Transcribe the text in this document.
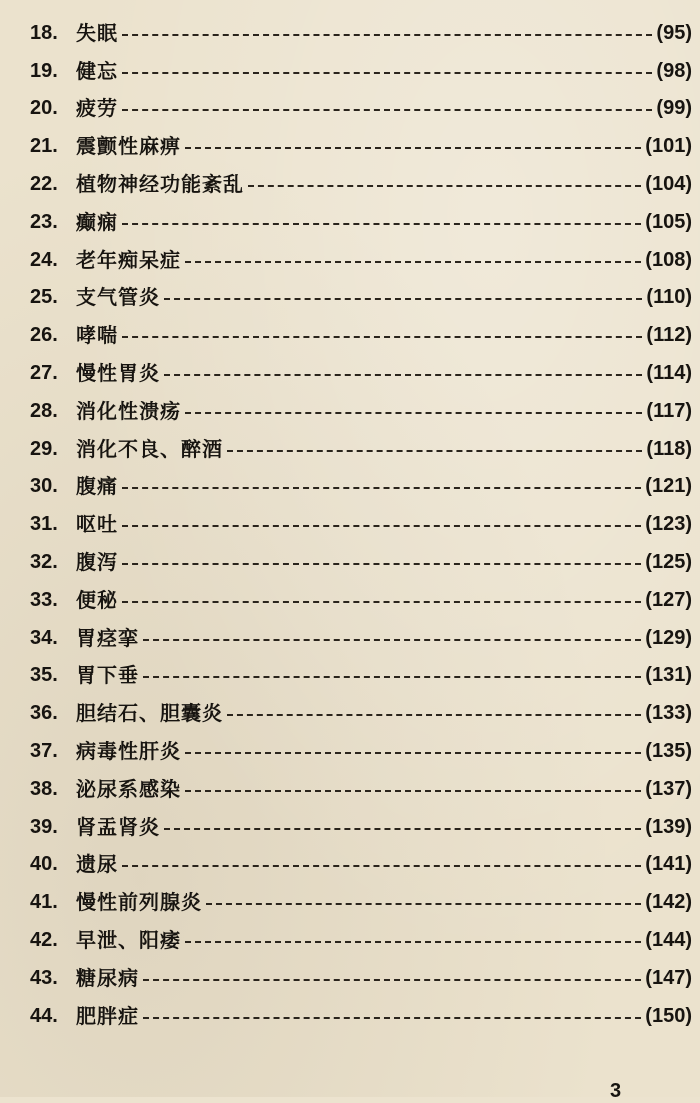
18. 失眠	(95)
19. 健忘	(98)
20. 疲劳	(99)
21. 震颤性麻痹	(101)
22. 植物神经功能紊乱	(104)
23. 癫痫	(105)
24. 老年痴呆症	(108)
25. 支气管炎	(110)
26. 哮喘	(112)
27. 慢性胃炎	(114)
28. 消化性溃疡	(117)
29. 消化不良、醉酒	(118)
30. 腹痛	(121)
31. 呕吐	(123)
32. 腹泻	(125)
33. 便秘	(127)
34. 胃痉挛	(129)
35. 胃下垂	(131)
36. 胆结石、胆囊炎	(133)
37. 病毒性肝炎	(135)
38. 泌尿系感染	(137)
39. 肾盂肾炎	(139)
40. 遗尿	(141)
41. 慢性前列腺炎	(142)
42. 早泄、阳痿	(144)
43. 糖尿病	(147)
44. 肥胖症	(150)
3
